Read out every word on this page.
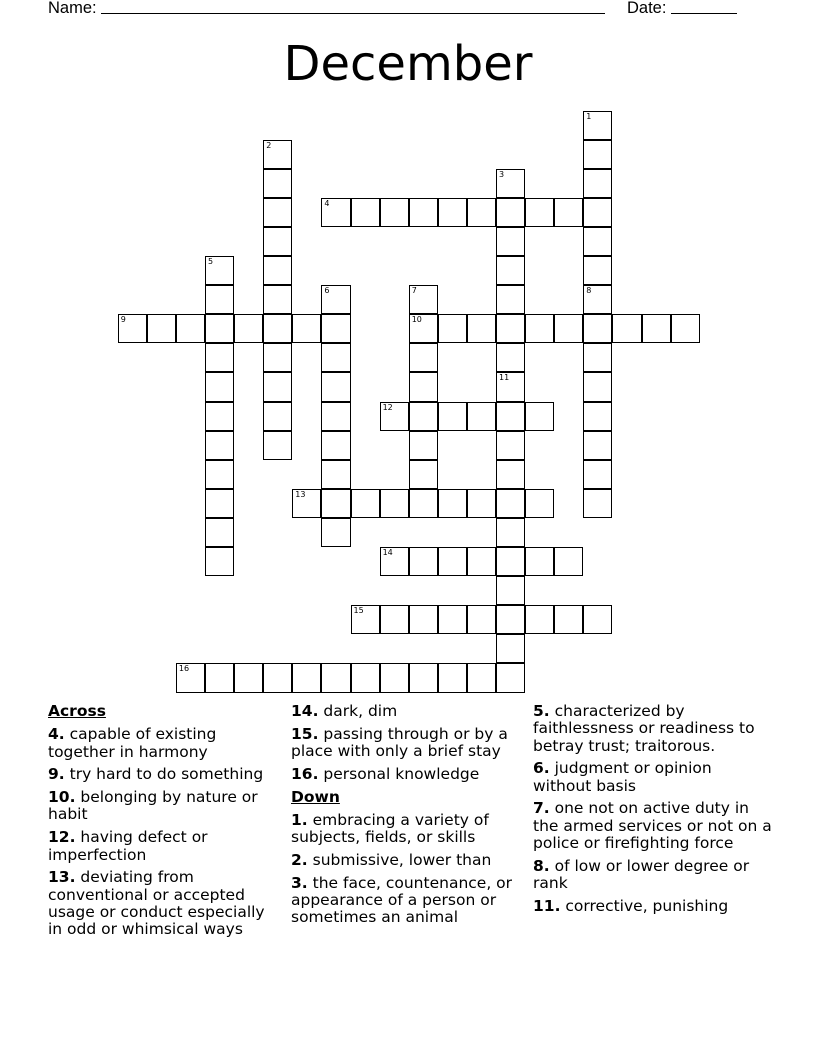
Name:	Date:
December
1
8
2
3
11
4
5
6	7
10
9
12
13
14
15
16
Across
4. capable of existing together in harmony
9. try hard to do something
10. belonging by nature or habit
12. having defect or imperfection
13. deviating from conventional or accepted usage or conduct especially in odd or whimsical ways
14. dark, dim
15. passing through or by a place with only a brief stay
16. personal knowledge
Down
1. embracing a variety of subjects, fields, or skills
2. submissive, lower than
3. the face, countenance, or appearance of a person or sometimes an animal
5. characterized by faithlessness or readiness to betray trust; traitorous.
6. judgment or opinion without basis
7. one not on active duty in the armed services or not on a police or firefighting force
8. of low or lower degree or rank
11. corrective, punishing
